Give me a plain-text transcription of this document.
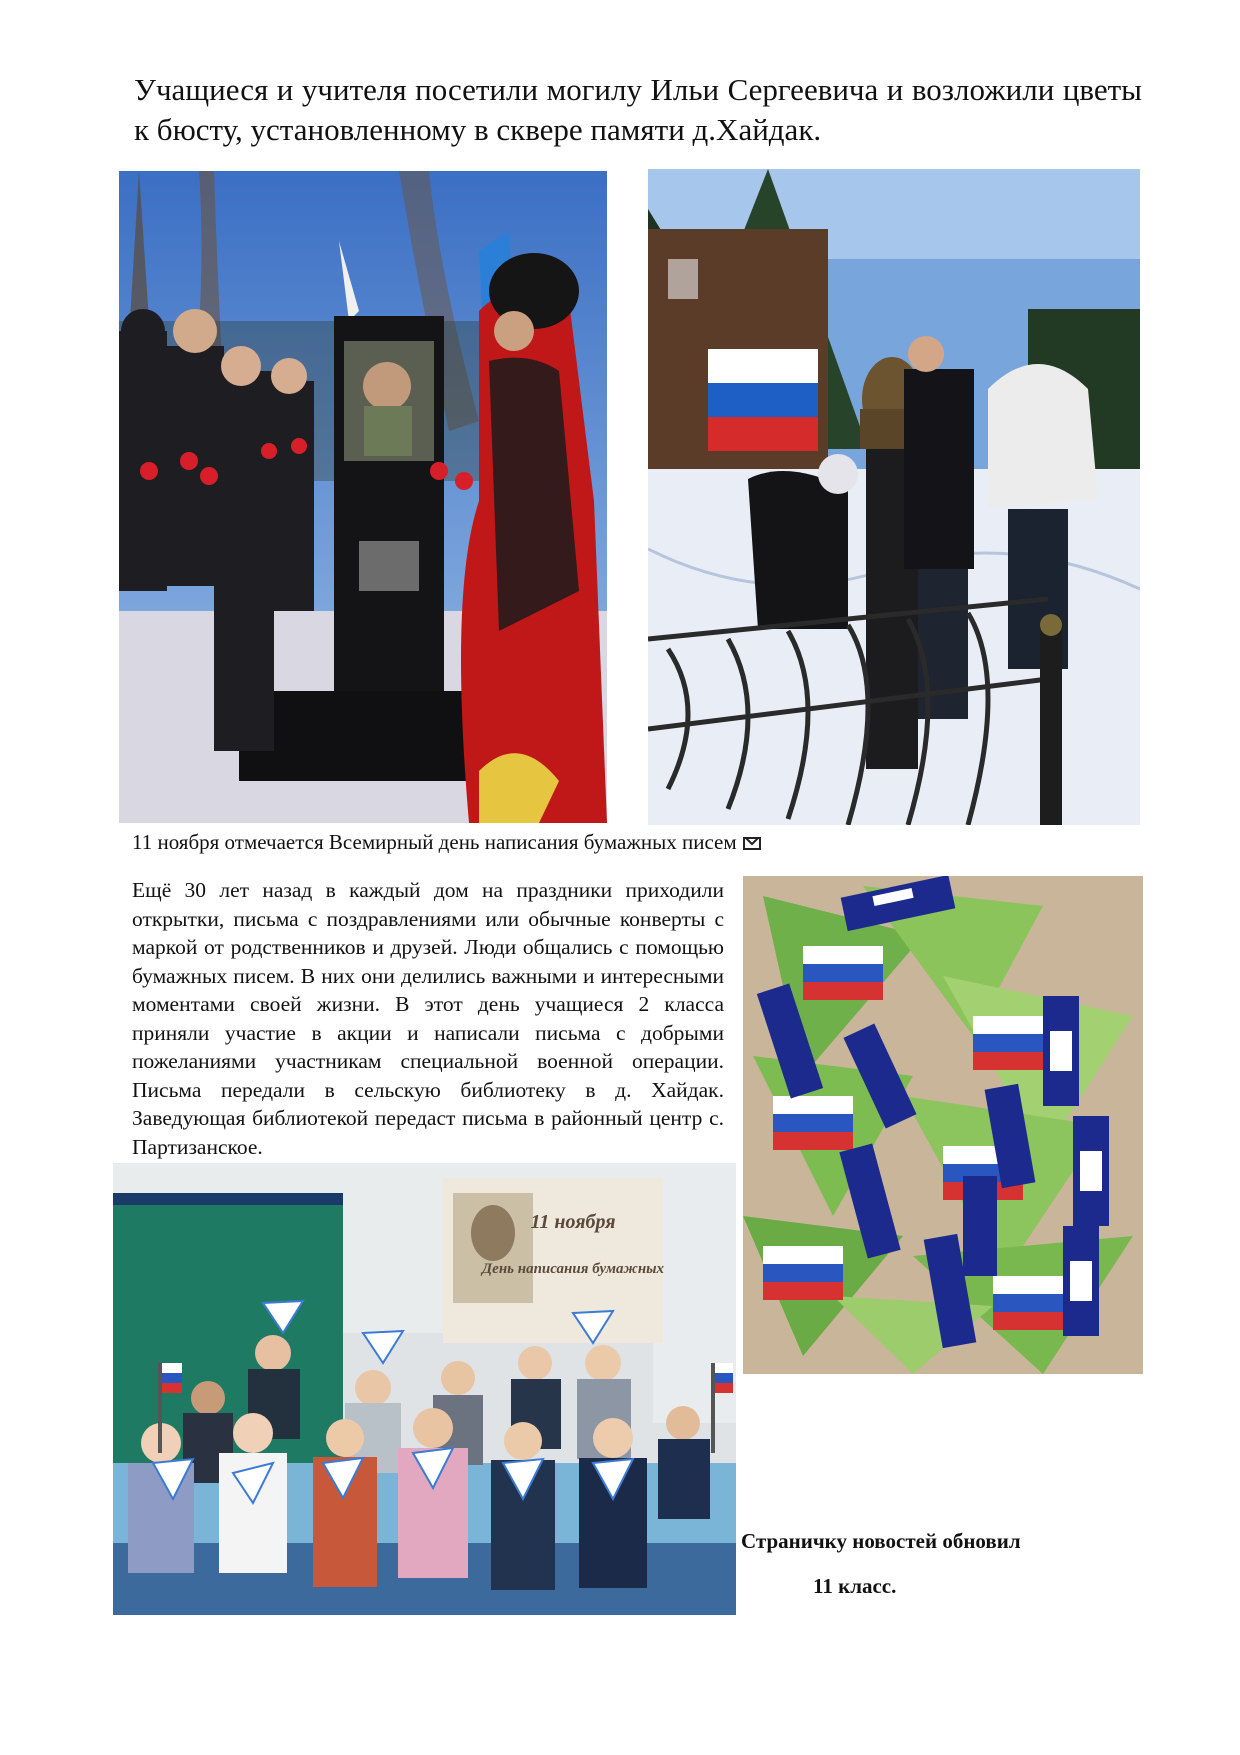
Учащиеся и учителя посетили могилу Ильи Сергеевича и возложили цветы к бюсту, установленному в сквере памяти д.Хайдак.
11 ноября отмечается Всемирный день написания бумажных писем
Ещё 30 лет назад в каждый дом на праздники приходили открытки, письма с поздравлениями или обычные конверты с маркой от родственников и друзей. Люди общались с помощью бумажных писем. В них они делились важными и интересными моментами своей жизни. В этот день учащиеся 2 класса приняли участие в акции и написали письма с добрыми пожеланиями участникам специальной военной операции. Письма передали в сельскую библиотеку в д. Хайдак. Заведующая библиотекой передаст письма в районный центр с. Партизанское.
11 ноября
День написания бумажных
Страничку новостей обновил
11 класс.
